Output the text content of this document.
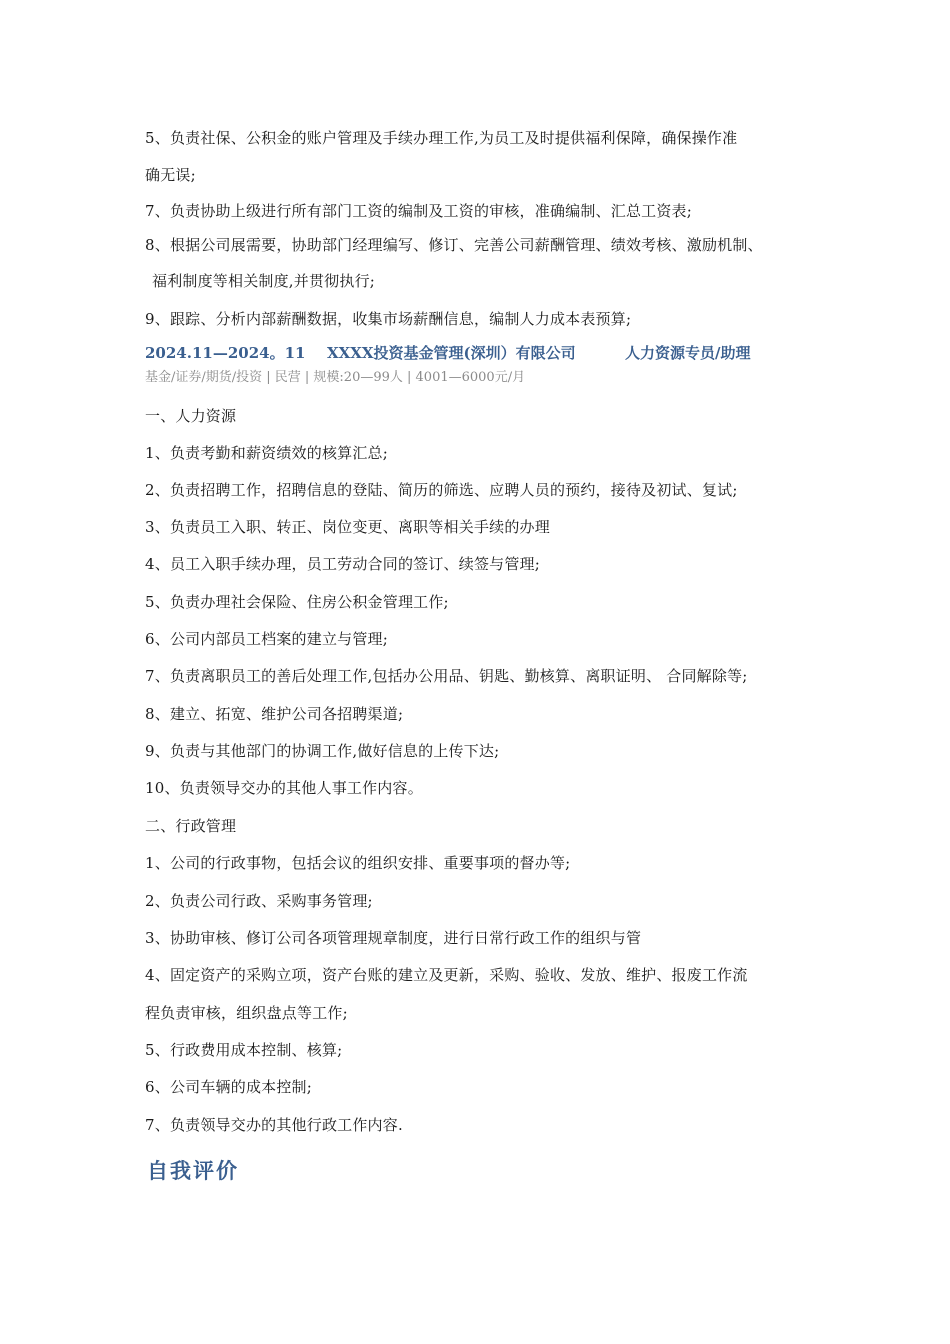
5、负责社保、公积金的账户管理及手续办理工作,为员工及时提供福利保障，确保操作准
确无误;
7、负责协助上级进行所有部门工资的编制及工资的审核，准确编制、汇总工资表;
8、根据公司展需要，协助部门经理编写、修订、完善公司薪酬管理、绩效考核、激励机制、
福利制度等相关制度,并贯彻执行;
9、跟踪、分析内部薪酬数据，收集市场薪酬信息，编制人力成本表预算;
2024.11—2024。11 XXXX投资基金管理(深圳）有限公司	人力资源专员/助理
基金/证券/期货/投资 | 民营 | 规模:20—99人 | 4001—6000元/月
一、人力资源
1、负责考勤和薪资绩效的核算汇总;
2、负责招聘工作，招聘信息的登陆、简历的筛选、应聘人员的预约，接待及初试、复试;
3、负责员工入职、转正、岗位变更、离职等相关手续的办理
4、员工入职手续办理，员工劳动合同的签订、续签与管理;
5、负责办理社会保险、住房公积金管理工作;
6、公司内部员工档案的建立与管理;
7、负责离职员工的善后处理工作,包括办公用品、钥匙、勤核算、离职证明、 合同解除等;
8、建立、拓宽、维护公司各招聘渠道;
9、负责与其他部门的协调工作,做好信息的上传下达;
10、负责领导交办的其他人事工作内容。
二、行政管理
1、公司的行政事物，包括会议的组织安排、重要事项的督办等;
2、负责公司行政、采购事务管理;
3、协助审核、修订公司各项管理规章制度，进行日常行政工作的组织与管
4、固定资产的采购立项，资产台账的建立及更新，采购、验收、发放、维护、报废工作流
程负责审核，组织盘点等工作;
5、行政费用成本控制、核算;
6、公司车辆的成本控制;
7、负责领导交办的其他行政工作内容.
自我评价
